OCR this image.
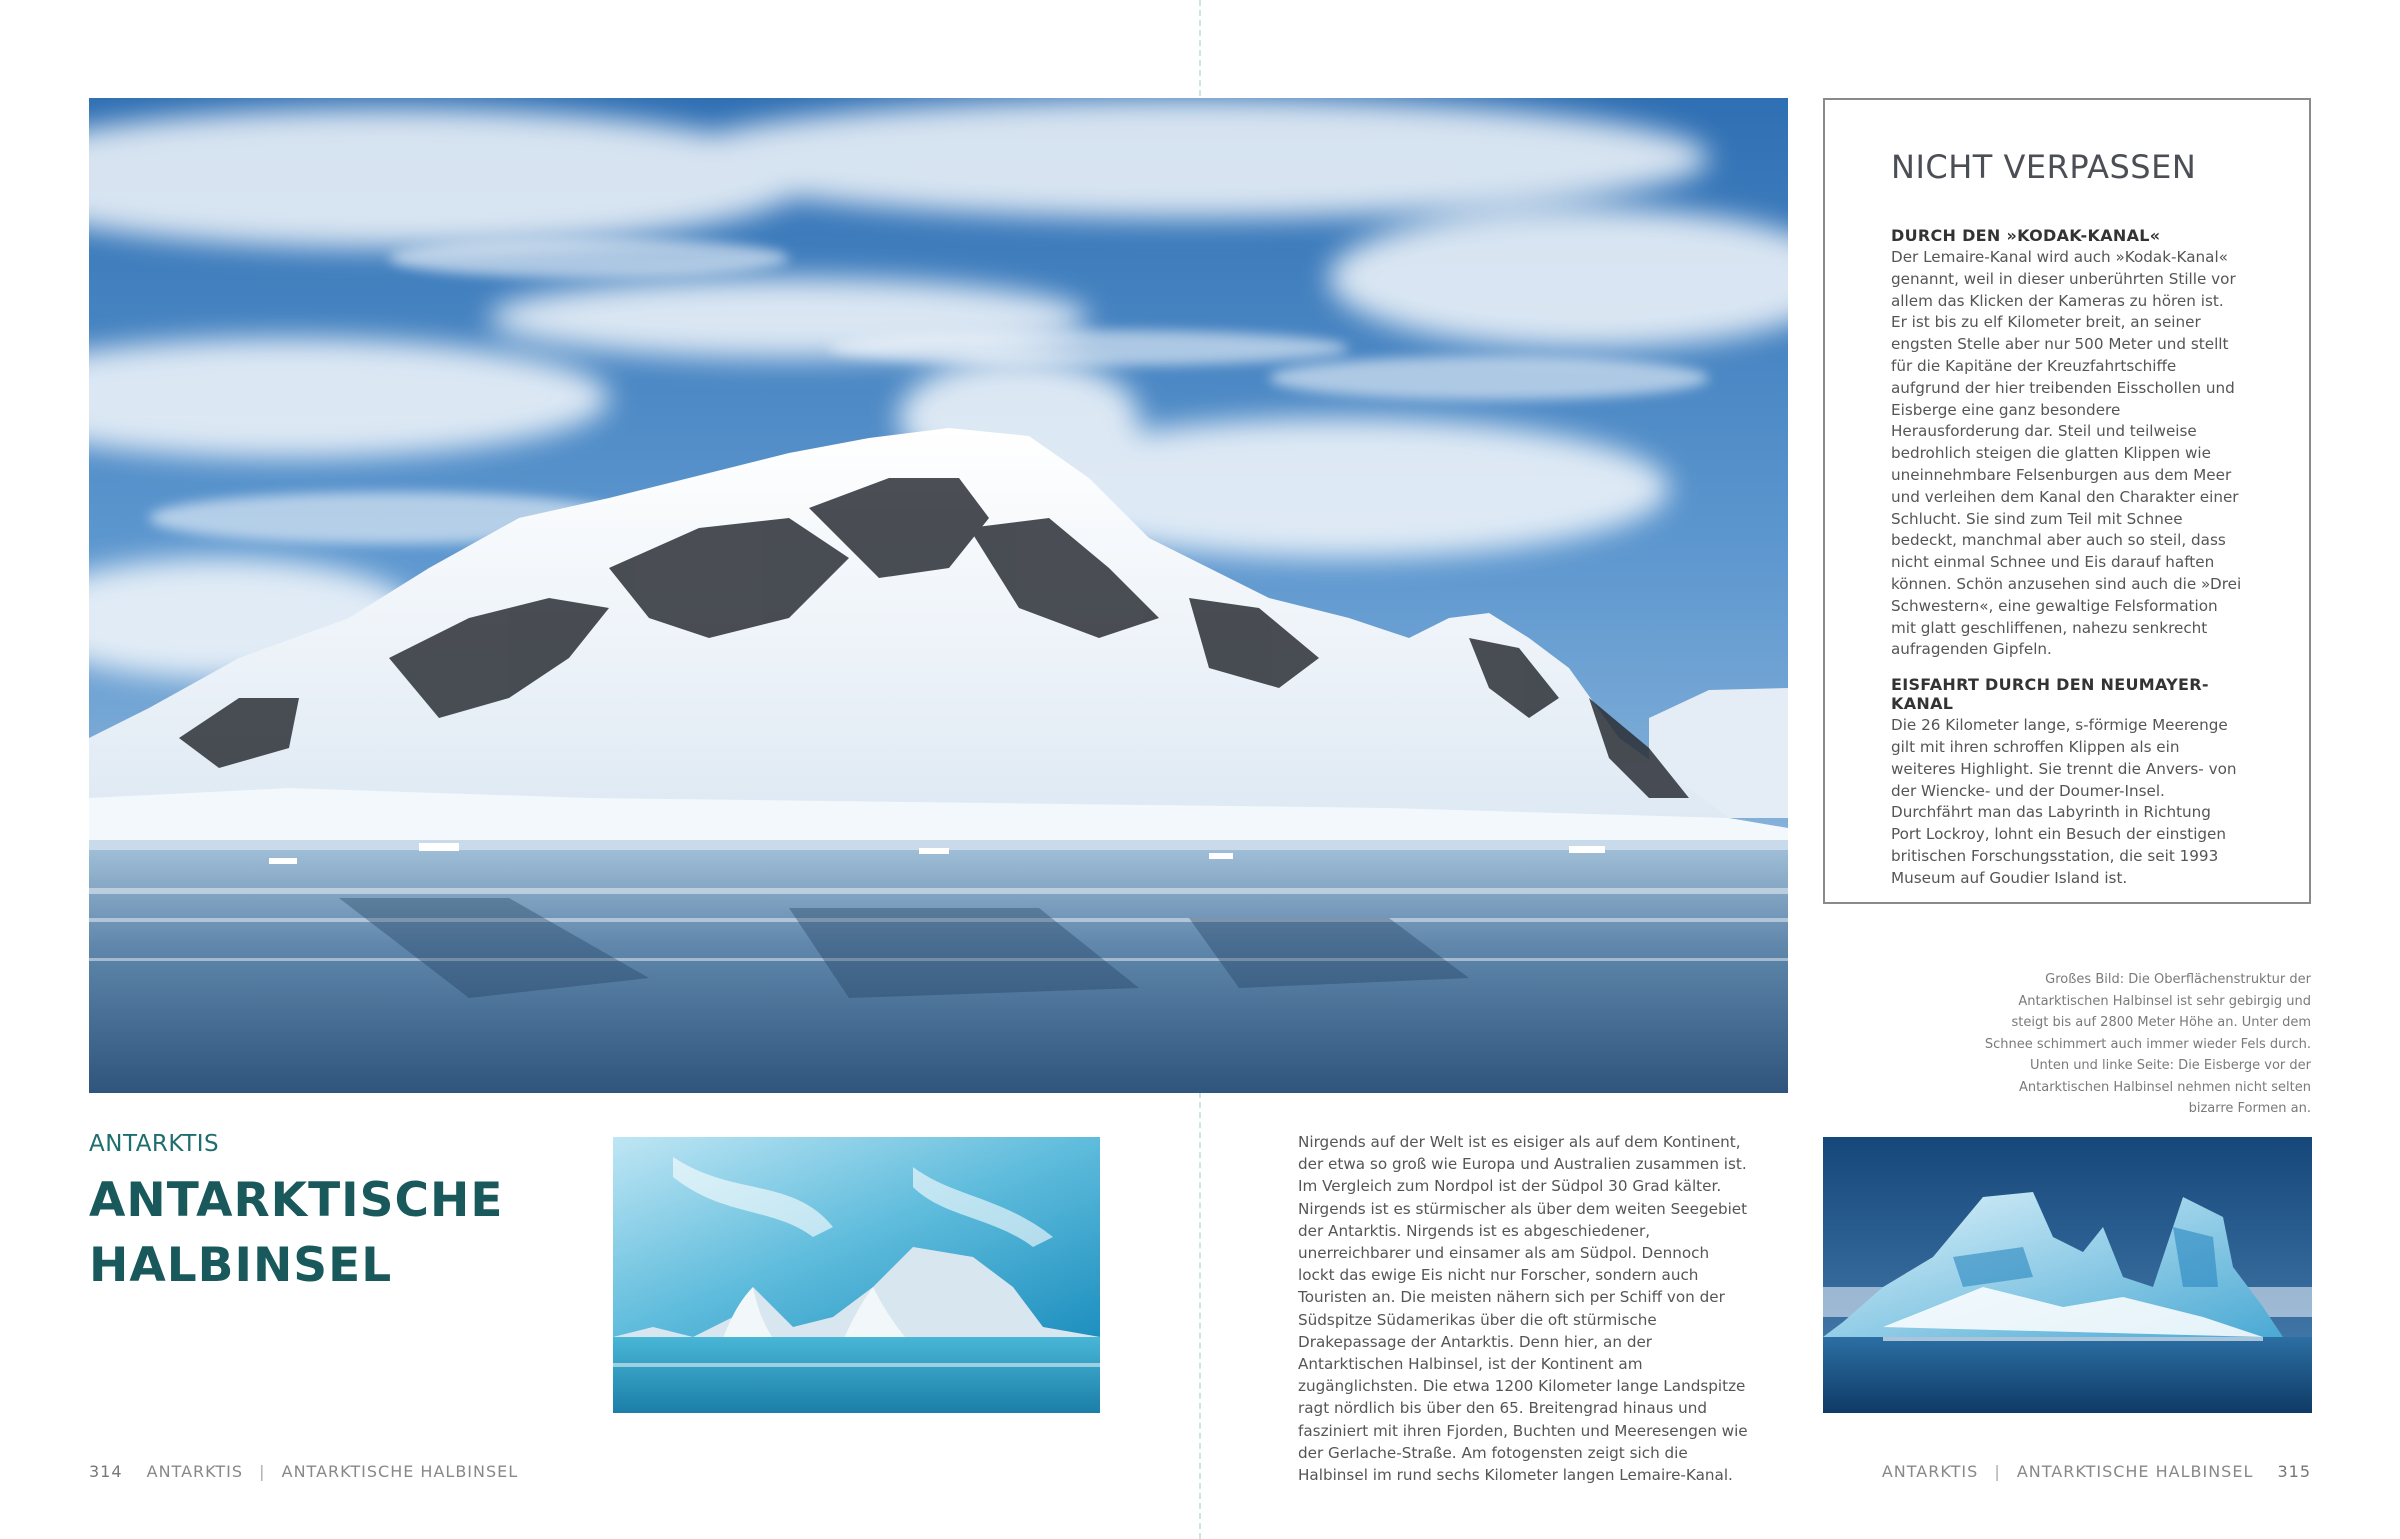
NICHT VERPASSEN
DURCH DEN »KODAK-KANAL«

Der Lemaire-Kanal wird auch »Kodak-Kanal« genannt, weil in dieser unberührten Stille vor allem das Klicken der Kameras zu hören ist. Er ist bis zu elf Kilometer breit, an seiner engsten Stelle aber nur 500 Meter und stellt für die Kapitäne der Kreuzfahrtschiffe aufgrund der hier treibenden Eisschollen und Eisberge eine ganz besondere Herausforderung dar. Steil und teilweise bedrohlich steigen die glatten Klippen wie uneinnehmbare Felsenburgen aus dem Meer und verleihen dem Kanal den Charakter einer Schlucht. Sie sind zum Teil mit Schnee bedeckt, manchmal aber auch so steil, dass nicht einmal Schnee und Eis darauf haften können. Schön anzusehen sind auch die »Drei Schwestern«, eine gewaltige Felsformation mit glatt geschliffenen, nahezu senkrecht aufragenden Gipfeln.

EISFAHRT DURCH DEN NEUMAYER-KANAL

Die 26 Kilometer lange, s-förmige Meerenge gilt mit ihren schroffen Klippen als ein weiteres Highlight. Sie trennt die Anvers- von der Wiencke- und der Doumer-Insel. Durchfährt man das Labyrinth in Richtung Port Lockroy, lohnt ein Besuch der einstigen britischen Forschungsstation, die seit 1993 Museum auf Goudier Island ist.

Großes Bild: Die Oberflächenstruktur der Antarktischen Halbinsel ist sehr gebirgig und steigt bis auf 2800 Meter Höhe an. Unter dem Schnee schimmert auch immer wieder Fels durch. Unten und linke Seite: Die Eisberge vor der Antarktischen Halbinsel nehmen nicht selten bizarre Formen an.

ANTARKTIS
ANTARKTISCHE
HALBINSEL

Nirgends auf der Welt ist es eisiger als auf dem Kontinent, der etwa so groß wie Europa und Australien zusammen ist. Im Vergleich zum Nordpol ist der Südpol 30 Grad kälter. Nirgends ist es stürmischer als über dem weiten Seegebiet der Antarktis. Nirgends ist es abgeschiedener, unerreichbarer und einsamer als am Südpol. Dennoch lockt das ewige Eis nicht nur Forscher, sondern auch Touristen an. Die meisten nähern sich per Schiff von der Südspitze Südamerikas über die oft stürmische Drakepassage der Antarktis. Denn hier, an der Antarktischen Halbinsel, ist der Kontinent am zugänglichsten. Die etwa 1200 Kilometer lange Landspitze ragt nördlich bis über den 65. Breitengrad hinaus und fasziniert mit ihren Fjorden, Buchten und Meeresengen wie der Gerlache-Straße. Am fotogensten zeigt sich die Halbinsel im rund sechs Kilometer langen Lemaire-Kanal.

314 ANTARKTIS | ANTARKTISCHE HALBINSEL	ANTARKTIS | ANTARKTISCHE HALBINSEL 315
